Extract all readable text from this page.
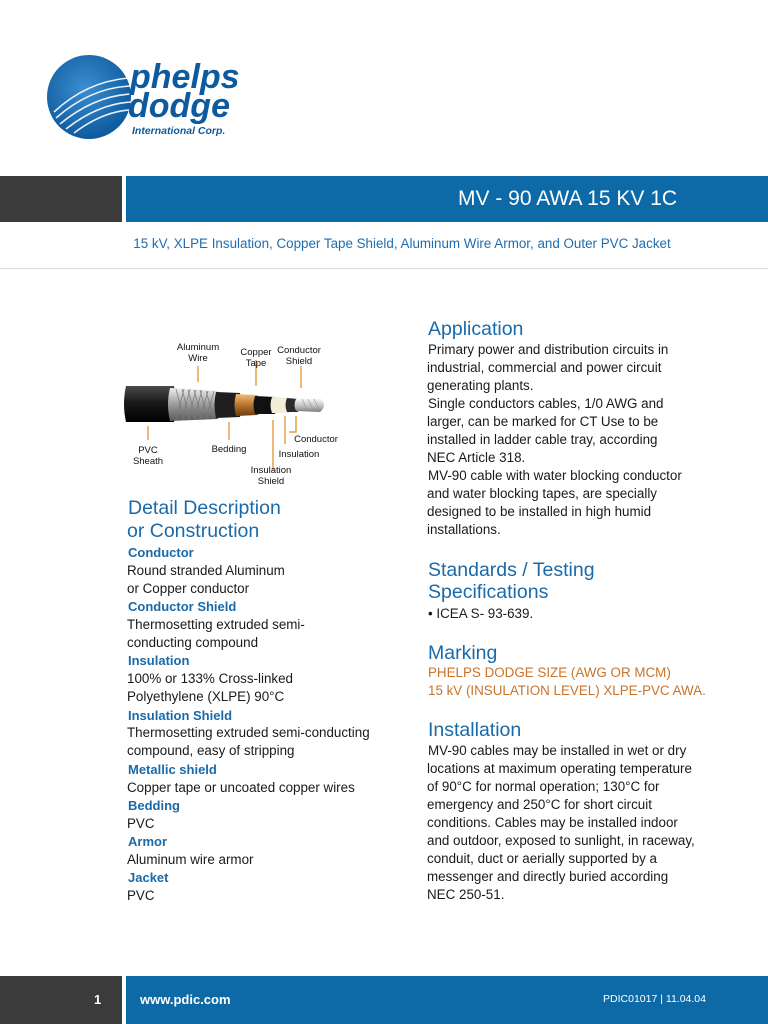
phelps
dodge
International Corp.
MV - 90 AWA 15 KV 1C
15 kV, XLPE Insulation, Copper Tape Shield, Aluminum Wire Armor, and Outer PVC Jacket
Aluminum
Wire
Copper
Tape
Conductor
Shield
PVC
Sheath
Bedding
Conductor
Insulation
Insulation
Shield
Detail Description
or Construction
Conductor
Round stranded Aluminum
or Copper conductor
Conductor Shield
Thermosetting extruded semi-
conducting compound
Insulation
100% or 133% Cross-linked
Polyethylene (XLPE) 90°C
Insulation Shield
Thermosetting extruded semi-conducting
compound, easy of stripping
Metallic shield
Copper tape or uncoated copper wires
Bedding
PVC
Armor
Aluminum wire armor
Jacket
PVC
Application
Primary power and distribution circuits in
industrial, commercial and power circuit
generating plants.
Single conductors cables, 1/0 AWG and
larger, can be marked for CT Use to be
installed in ladder cable tray, according
NEC Article 318.
MV-90 cable with water blocking conductor
and water blocking tapes, are specially
designed to be installed in high humid
installations.
Standards / Testing
Specifications
• ICEA S- 93-639.
Marking
PHELPS DODGE SIZE (AWG OR MCM)
15 kV (INSULATION LEVEL) XLPE-PVC AWA.
Installation
MV-90 cables may be installed in wet or dry
locations at maximum operating temperature
of 90°C for normal operation; 130°C for
emergency and 250°C for short circuit
conditions. Cables may be installed indoor
and outdoor, exposed to sunlight, in raceway,
conduit, duct or aerially supported by a
messenger and directly buried according
NEC 250-51.
1	www.pdic.com	PDIC01017 | 11.04.04
